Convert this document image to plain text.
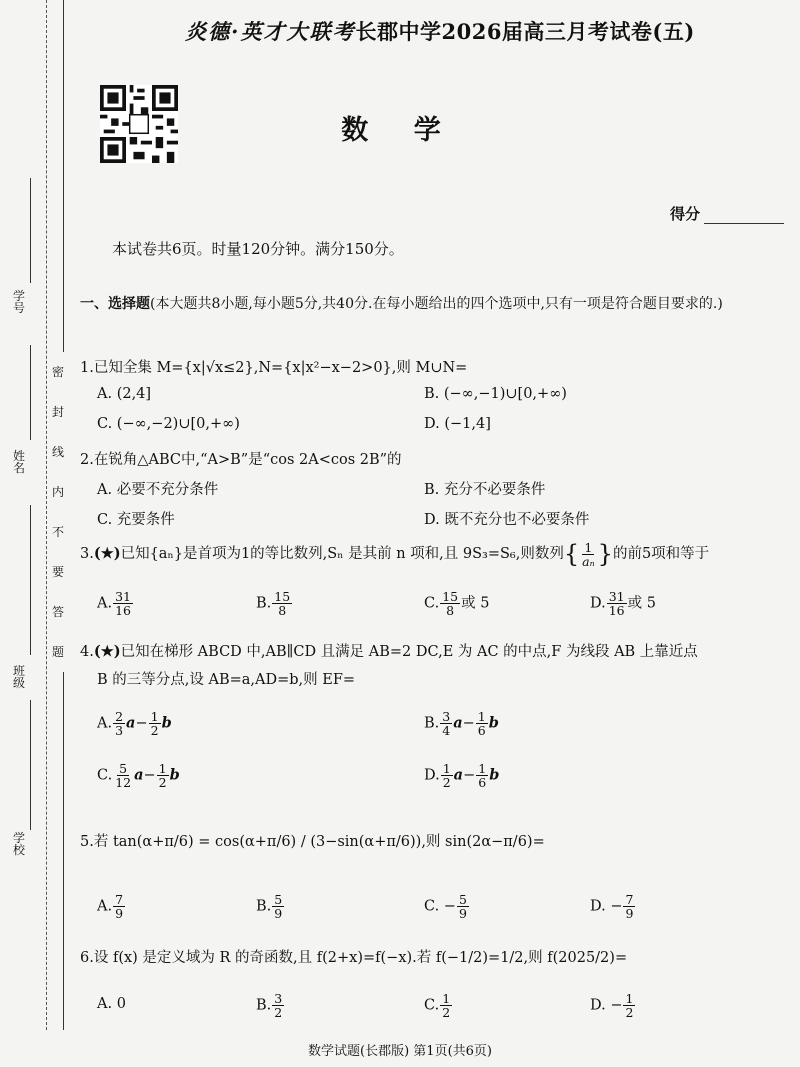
学号
姓名
班级
学校
密封线内不要答题
炎德·英才大联考长郡中学2026届高三月考试卷(五)
数 学
得分
本试卷共6页。时量120分钟。满分150分。
一、选择题(本大题共8小题,每小题5分,共40分.在每小题给出的四个选项中,只有一项是符合题目要求的.)
1.已知全集 M={x|√x≤2},N={x|x²−x−2>0},则 M∪N=
A. (2,4]	B. (−∞,−1)∪[0,+∞)
C. (−∞,−2)∪[0,+∞)	D. (−1,4]
2.在锐角△ABC中,“A>B”是“cos 2A<cos 2B”的
A. 必要不充分条件	B. 充分不必要条件
C. 充要条件	D. 既不充分也不必要条件
3.(★)已知{aₙ}是首项为1的等比数列,Sₙ 是其前 n 项和,且 9S₃=S₆,则数列{ $\frac{1}{\text{aₙ}}$ }的前5项和等于
A. $\frac{31}{16}$	B. $\frac{15}{8}$	C. $\frac{15}{8}$ 或 5	D. $\frac{31}{16}$ 或 5
4.(★)已知在梯形 ABCD 中,AB∥CD 且满足 AB=2 DC,E 为 AC 的中点,F 为线段 AB 上靠近点
B 的三等分点,设 AB=a,AD=b,则 EF=
A. $\frac{2}{3} a- \frac{1}{2}$ b	B. $\frac{3}{4} a- \frac{1}{6}$ b
C. $\frac{5}{12} a- \frac{1}{2}$ b	D. $\frac{1}{2} a- \frac{1}{6}$ b
5.若 tan(α+π/6) = cos(α+π/6) / (3−sin(α+π/6)),则 sin(2α−π/6)=
A. $\frac{7}{9}$	B. $\frac{5}{9}$	C. − $\frac{5}{9}$	D. − $\frac{7}{9}$
6.设 f(x) 是定义域为 R 的奇函数,且 f(2+x)=f(−x).若 f(−1/2)=1/2,则 f(2025/2)=
A. 0	B. $\frac{3}{2}$	C. $\frac{1}{2}$	D. − $\frac{1}{2}$
数学试题(长郡版) 第1页(共6页)
